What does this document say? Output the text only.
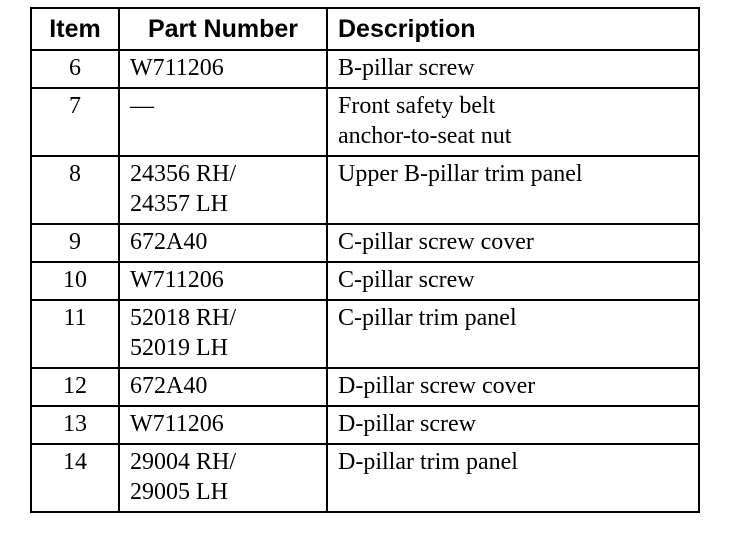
Item	Part Number	Description
6	W711206	B-pillar screw

7	—	Front safety belt
anchor-to-seat nut

8	24356 RH/
24357 LH	Upper B-pillar trim panel

9	672A40	C-pillar screw cover

10	W711206	C-pillar screw

11	52018 RH/
52019 LH	C-pillar trim panel

12	672A40	D-pillar screw cover

13	W711206	D-pillar screw

14	29004 RH/
29005 LH	D-pillar trim panel
